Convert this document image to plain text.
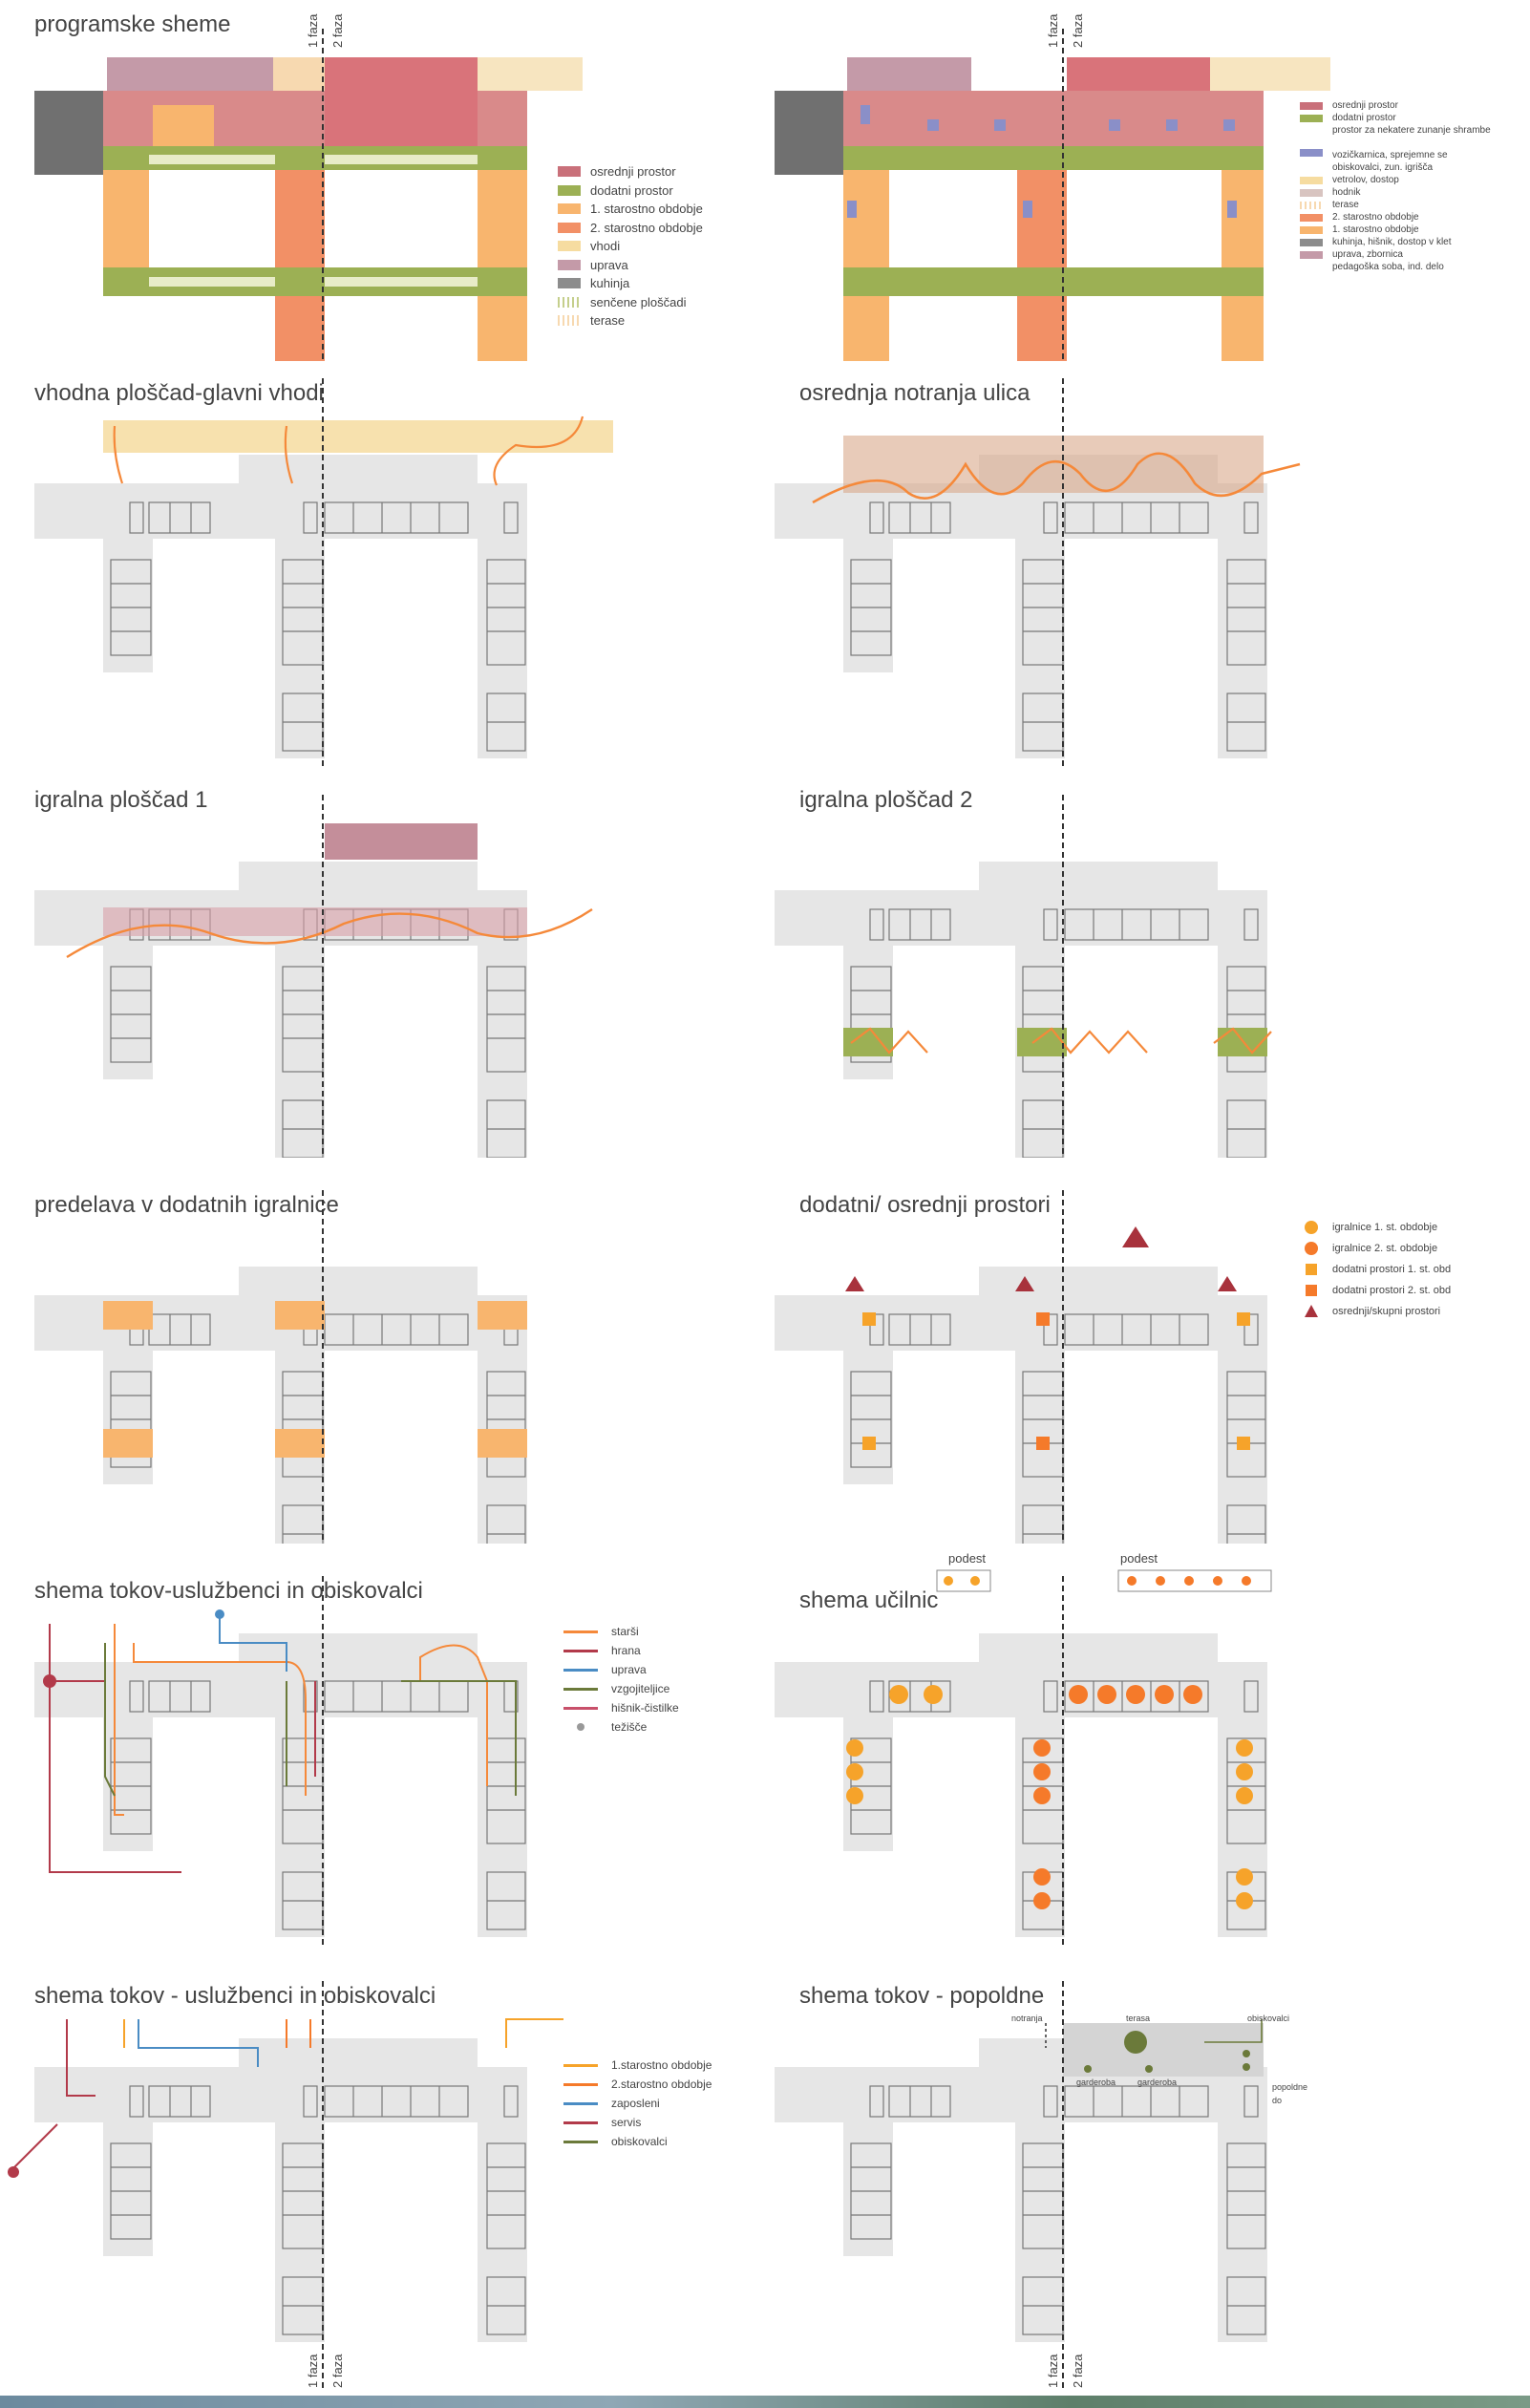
programske sheme
osrednji prostor
dodatni prostor
1. starostno obdobje
2. starostno obdobje
vhodi
uprava
kuhinja
senčene ploščadi
terase
1 faza 2 faza
osrednji prostor
dodatni prostor
prostor za nekatere zunanje shrambe
vozičkarnica, sprejemne se obiskovalci, zun. igrišča
vetrolov, dostop
hodnik
terase
2. starostno obdobje
1. starostno obdobje
kuhinja, hišnik, dostop v klet
uprava, zbornica
pedagoška soba, ind. delo
1 faza 2 faza
vhodna ploščad-glavni vhodi	osrednja notranja ulica
igralna ploščad 1	igralna ploščad 2
predelava v dodatnih igralnice	dodatni/ osrednji prostori
igralnice 1. st. obdobje
igralnice 2. st. obdobje
dodatni prostori 1. st. obd
dodatni prostori 2. st. obd
osrednji/skupni prostori
shema tokov-uslužbenci in obiskovalci
starši
hrana
uprava
vzgojiteljice
hišnik-čistilke
težišče
shema učilnic
podest	podest
shema tokov - uslužbenci in obiskovalci
1.starostno obdobje
2.starostno obdobje
zaposleni
servis
obiskovalci
1 faza 2 faza
shema tokov - popoldne
notranja	terasa	obiskovalci
garderoba	garderoba	popoldne
do
1 faza 2 faza
